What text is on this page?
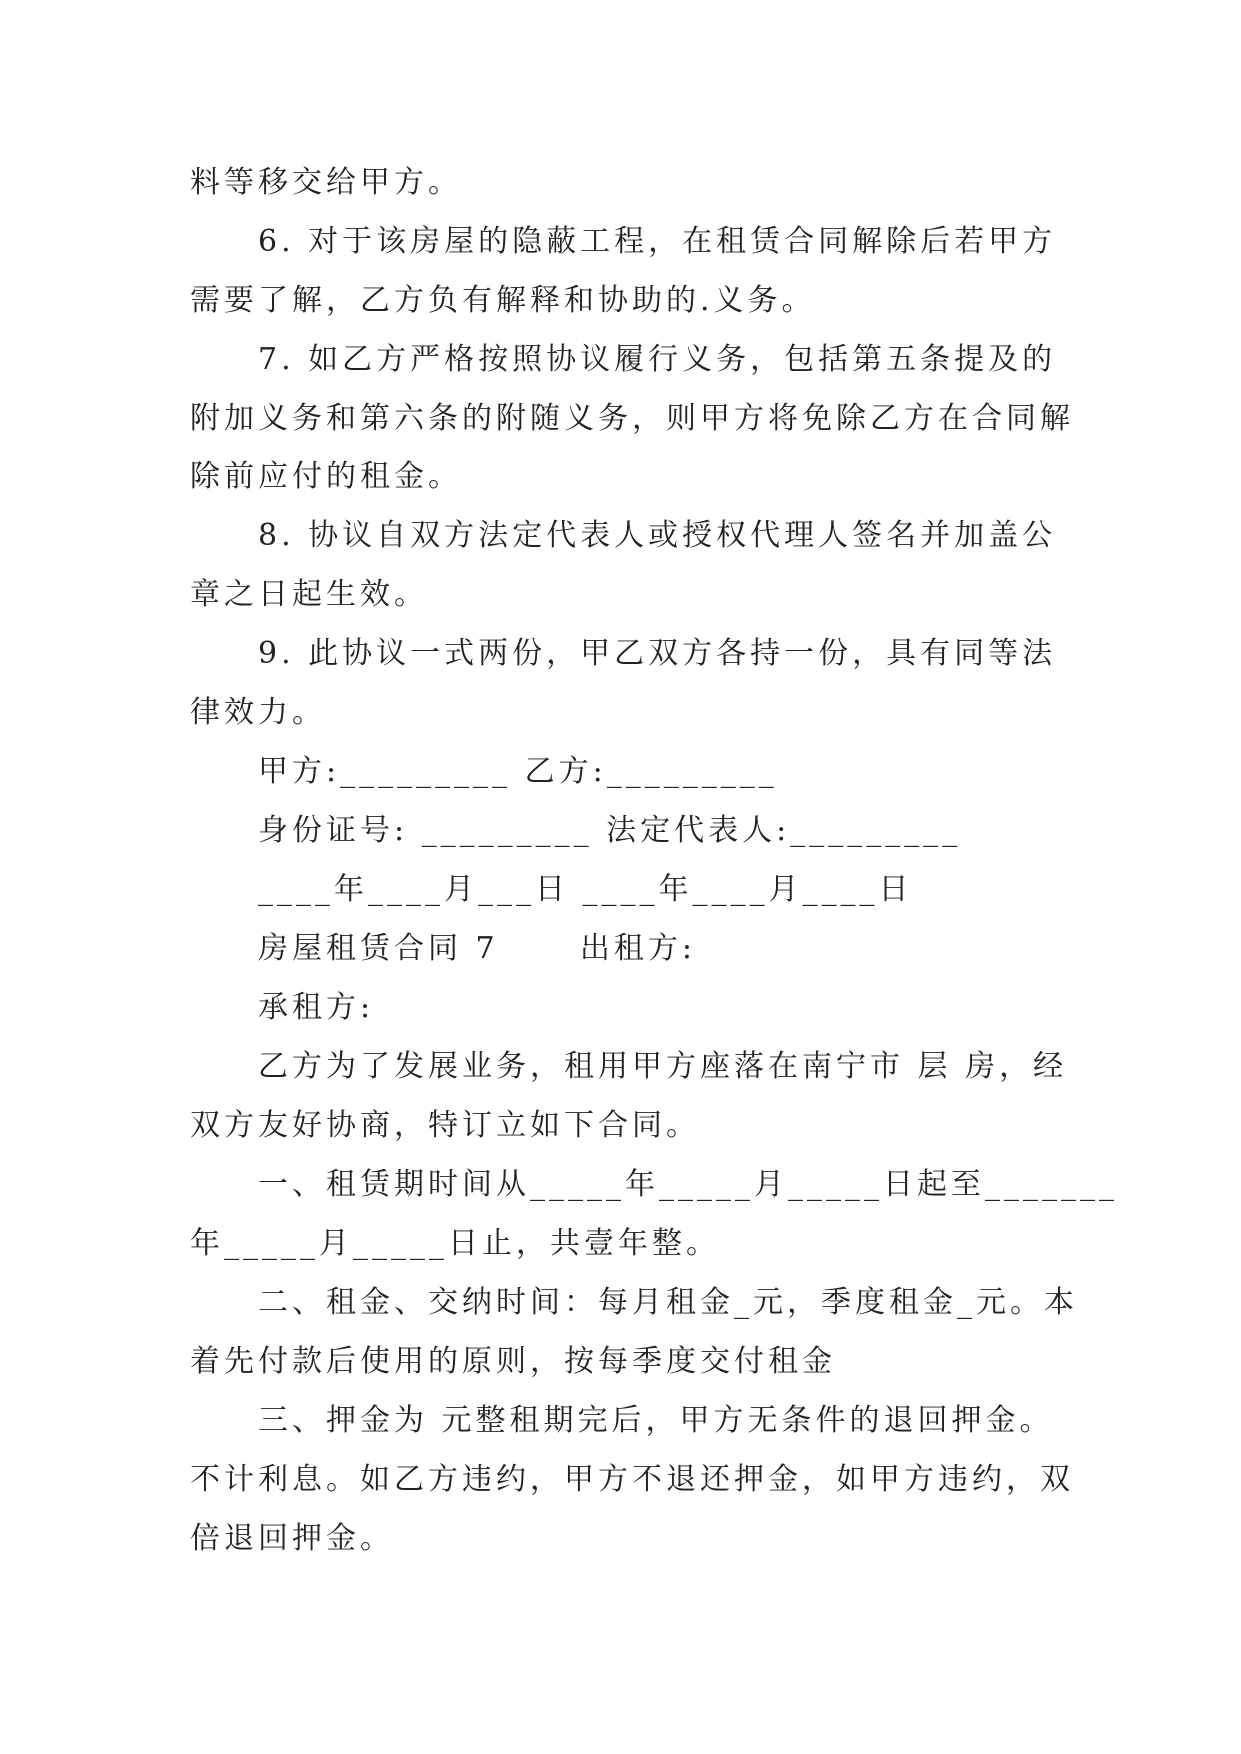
料等移交给甲方。
6. 对于该房屋的隐蔽工程，在租赁合同解除后若甲方
需要了解，乙方负有解释和协助的.义务。
7. 如乙方严格按照协议履行义务，包括第五条提及的
附加义务和第六条的附随义务，则甲方将免除乙方在合同解
除前应付的租金。
8. 协议自双方法定代表人或授权代理人签名并加盖公
章之日起生效。
9. 此协议一式两份，甲乙双方各持一份，具有同等法
律效力。
甲方:_________ 乙方:_________
身份证号: _________ 法定代表人:_________
____年____月___日 ____年____月____日
房屋租赁合同 7      出租方:
承租方:
乙方为了发展业务，租用甲方座落在南宁市 层 房，经
双方友好协商，特订立如下合同。
一、租赁期时间从_____年_____月_____日起至_______
年_____月_____日止，共壹年整。
二、租金、交纳时间：每月租金_元，季度租金_元。本
着先付款后使用的原则，按每季度交付租金
三、押金为 元整租期完后，甲方无条件的退回押金。
不计利息。如乙方违约，甲方不退还押金，如甲方违约，双
倍退回押金。
